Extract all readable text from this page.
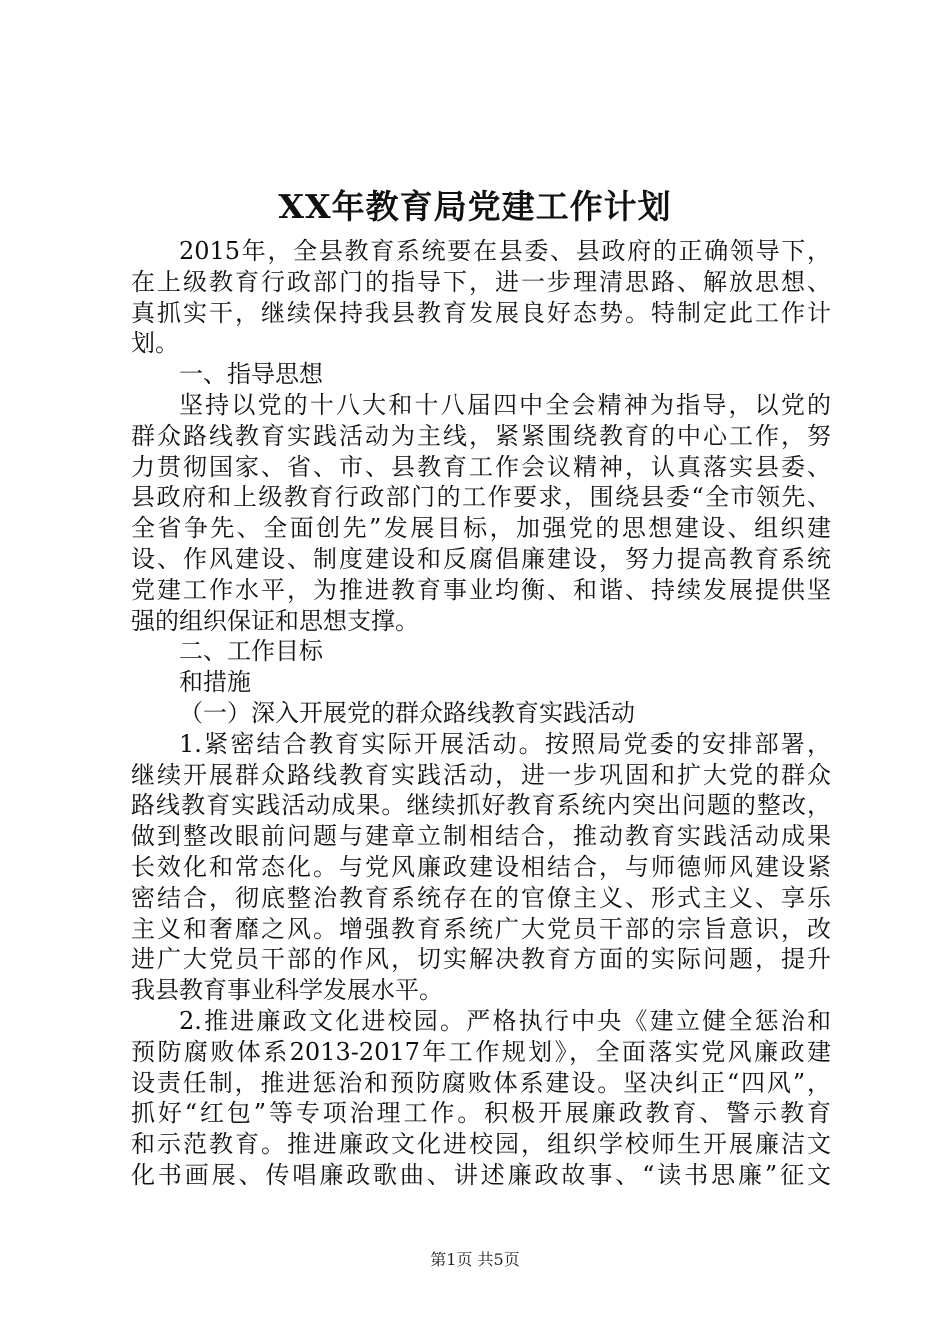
XX年教育局党建工作计划
2015年，全县教育系统要在县委、县政府的正确领导下，
在上级教育行政部门的指导下，进一步理清思路、解放思想、
真抓实干，继续保持我县教育发展良好态势。特制定此工作计
划。
一、指导思想
坚持以党的十八大和十八届四中全会精神为指导，以党的
群众路线教育实践活动为主线，紧紧围绕教育的中心工作，努
力贯彻国家、省、市、县教育工作会议精神，认真落实县委、
县政府和上级教育行政部门的工作要求，围绕县委“全市领先、
全省争先、全面创先”发展目标，加强党的思想建设、组织建
设、作风建设、制度建设和反腐倡廉建设，努力提高教育系统
党建工作水平，为推进教育事业均衡、和谐、持续发展提供坚
强的组织保证和思想支撑。
二、工作目标
和措施
（一）深入开展党的群众路线教育实践活动
1.紧密结合教育实际开展活动。按照局党委的安排部署，
继续开展群众路线教育实践活动，进一步巩固和扩大党的群众
路线教育实践活动成果。继续抓好教育系统内突出问题的整改，
做到整改眼前问题与建章立制相结合，推动教育实践活动成果
长效化和常态化。与党风廉政建设相结合，与师德师风建设紧
密结合，彻底整治教育系统存在的官僚主义、形式主义、享乐
主义和奢靡之风。增强教育系统广大党员干部的宗旨意识，改
进广大党员干部的作风，切实解决教育方面的实际问题，提升
我县教育事业科学发展水平。
2.推进廉政文化进校园。严格执行中央《建立健全惩治和
预防腐败体系2013-2017年工作规划》，全面落实党风廉政建
设责任制，推进惩治和预防腐败体系建设。坚决纠正“四风”，
抓好“红包”等专项治理工作。积极开展廉政教育、警示教育
和示范教育。推进廉政文化进校园，组织学校师生开展廉洁文
化书画展、传唱廉政歌曲、讲述廉政故事、“读书思廉”征文
第1页 共5页
